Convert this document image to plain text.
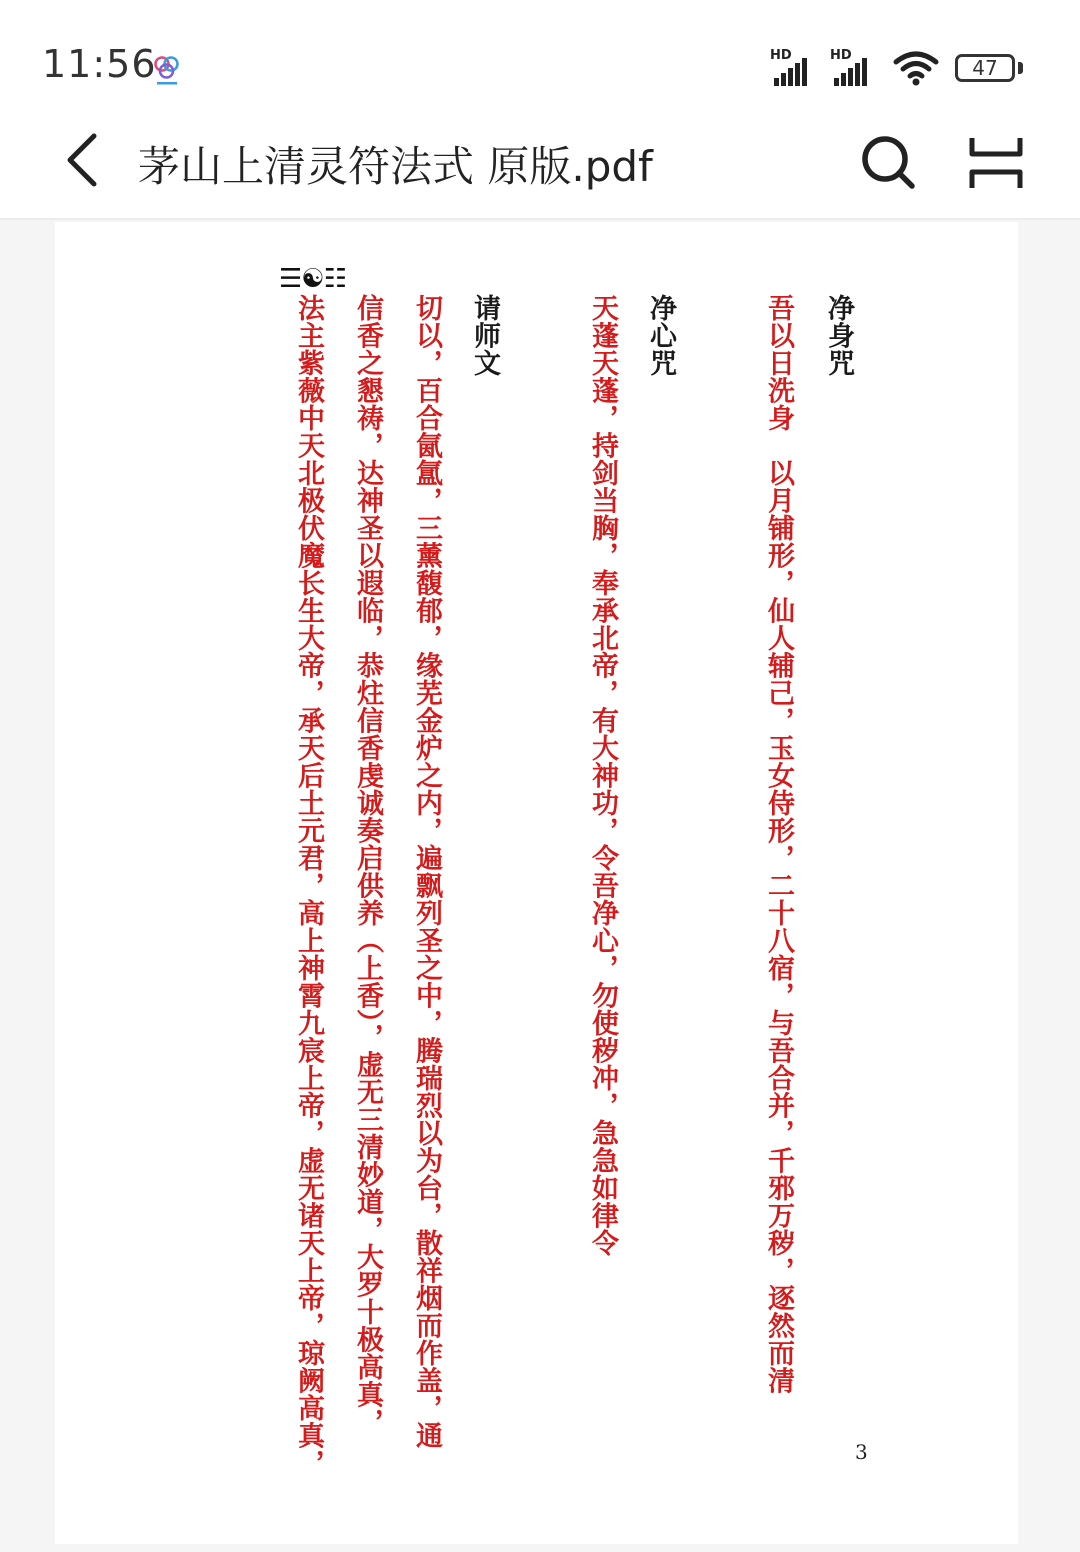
11:56	HD	HD
47
茅山上清灵符法式 原版.pdf
☰☯☷
净身咒
吾以日洗身　以月铺形，仙人辅己，玉女侍形，二十八宿，与吾合并，千邪万秽，逐然而清
净心咒
天蓬天蓬，持剑当胸，奉承北帝，有大神功，令吾净心，勿使秽冲，急急如律令
请师文
切以，百合氤氲，三薰馥郁，缘芜金炉之内，遍飘列圣之中，腾瑞烈以为台，散祥烟而作盖，通
信香之懇祷，达神圣以遐临，恭炷信香虔诚奏启供养（上香），虚无三清妙道，大罗十极高真，
法主紫薇中天北极伏魔长生大帝，承天后土元君，高上神霄九宸上帝，虚无诸天上帝，琼阙高真，	3
